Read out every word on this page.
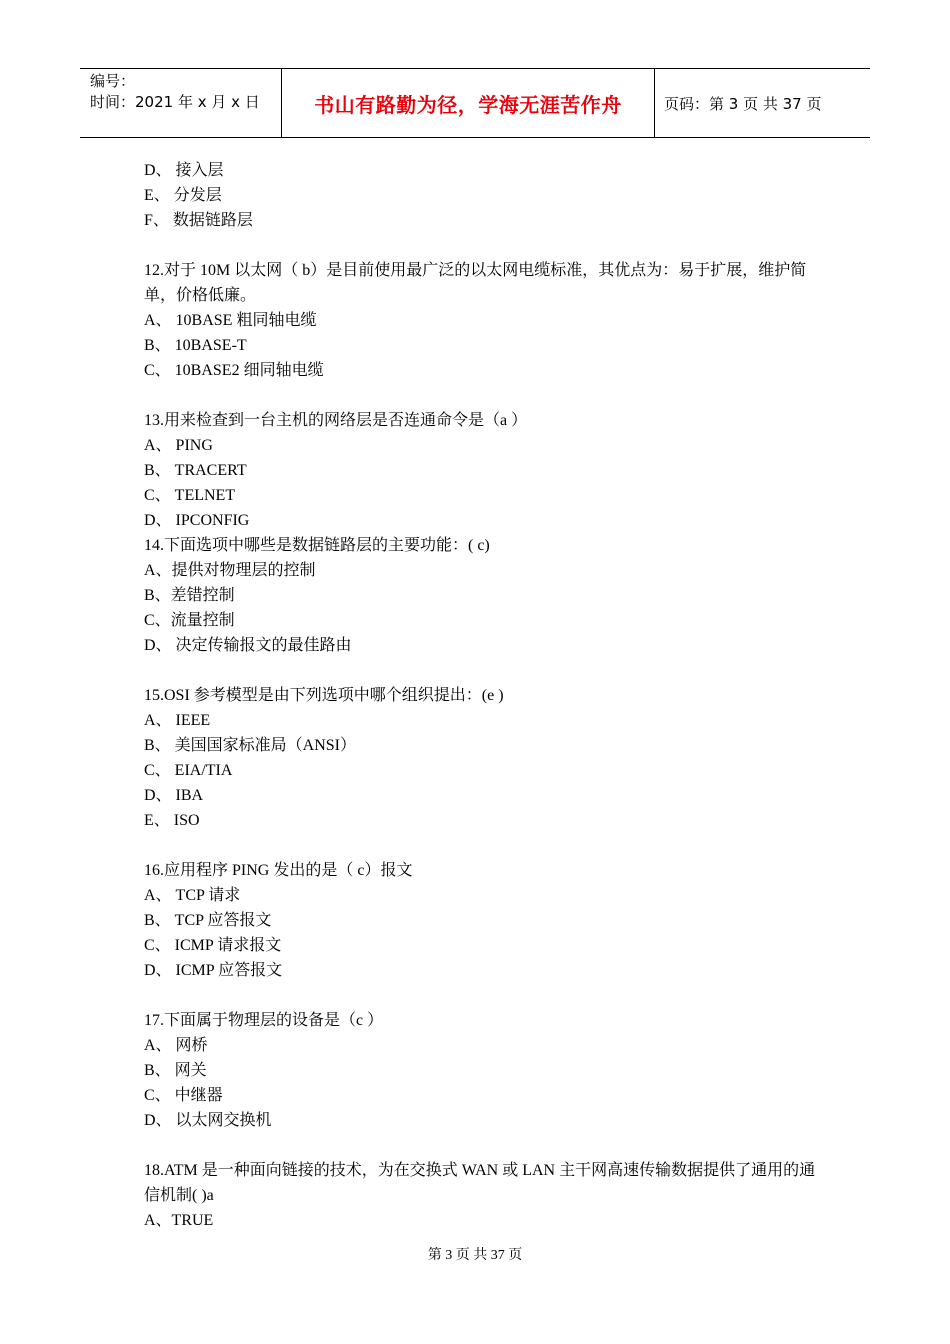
编号：
时间：2021 年 x 月 x 日	书山有路勤为径，学海无涯苦作舟	页码：第 3 页 共 37 页
D、 接入层
E、 分发层
F、 数据链路层
12.对于 10M 以太网（ b）是目前使用最广泛的以太网电缆标准，其优点为：易于扩展，维护简单，价格低廉。
A、 10BASE 粗同轴电缆
B、 10BASE-T
C、 10BASE2 细同轴电缆
13.用来检查到一台主机的网络层是否连通命令是（a ）
A、 PING
B、 TRACERT
C、 TELNET
D、 IPCONFIG
14.下面选项中哪些是数据链路层的主要功能：( c)
A、提供对物理层的控制
B、差错控制
C、流量控制
D、 决定传输报文的最佳路由
15.OSI 参考模型是由下列选项中哪个组织提出：(e )
A、 IEEE
B、 美国国家标准局（ANSI）
C、 EIA/TIA
D、 IBA
E、 ISO
16.应用程序 PING 发出的是（ c）报文
A、 TCP 请求
B、 TCP 应答报文
C、 ICMP 请求报文
D、 ICMP 应答报文
17.下面属于物理层的设备是（c ）
A、 网桥
B、 网关
C、 中继器
D、 以太网交换机
18.ATM 是一种面向链接的技术，为在交换式 WAN 或 LAN 主干网高速传输数据提供了通用的通信机制( )a
A、TRUE
第 3 页 共 37 页
